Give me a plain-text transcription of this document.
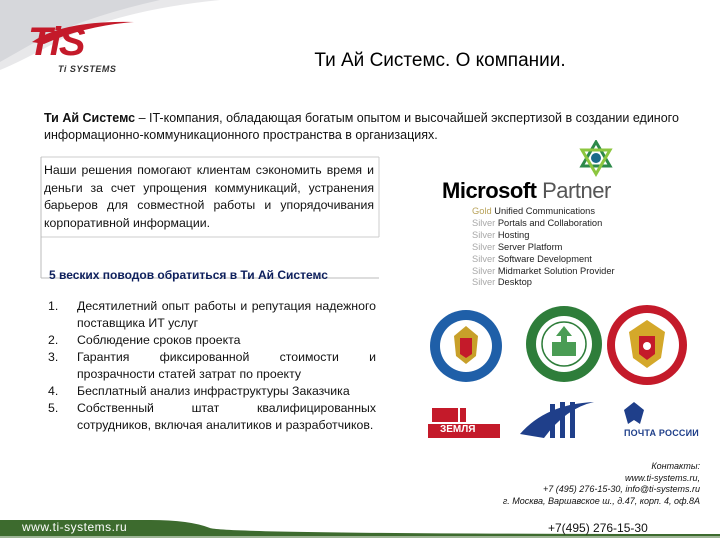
TiS
Ti SYSTEMS	Ти Ай Системс. О компании.
Ти Ай Системс – IT-компания, обладающая богатым опытом и высочайшей экспертизой в создании единого информационно-коммуникационного пространства в организациях.
Наши решения помогают клиентам сэкономить время и деньги за счет упрощения коммуникаций, устранения барьеров для совместной работы и упорядочивания корпоративной информации.
5 веских поводов обратиться в Ти Ай Системс
1. Десятилетний опыт работы и репутация надежного поставщика ИТ услуг
2. Соблюдение сроков проекта
3. Гарантия фиксированной стоимости и прозрачности статей затрат по проекту
4. Бесплатный анализ инфраструктуры Заказчика
5. Собственный штат квалифицированных сотрудников, включая аналитиков и разработчиков.
Microsoft Partner
Gold Unified Communications
Silver Portals and Collaboration
Silver Hosting
Silver Server Platform
Silver Software Development
Silver Midmarket Solution Provider
Silver Desktop
ЗЕМЛЯ	ПОЧТА РОССИИ
Контакты:
www.ti-systems.ru,
+7 (495) 276-15-30, info@ti-systems.ru
г. Москва, Варшавское ш., д.47, корп. 4, оф.8А
www.ti-systems.ru	+7(495) 276-15-30
